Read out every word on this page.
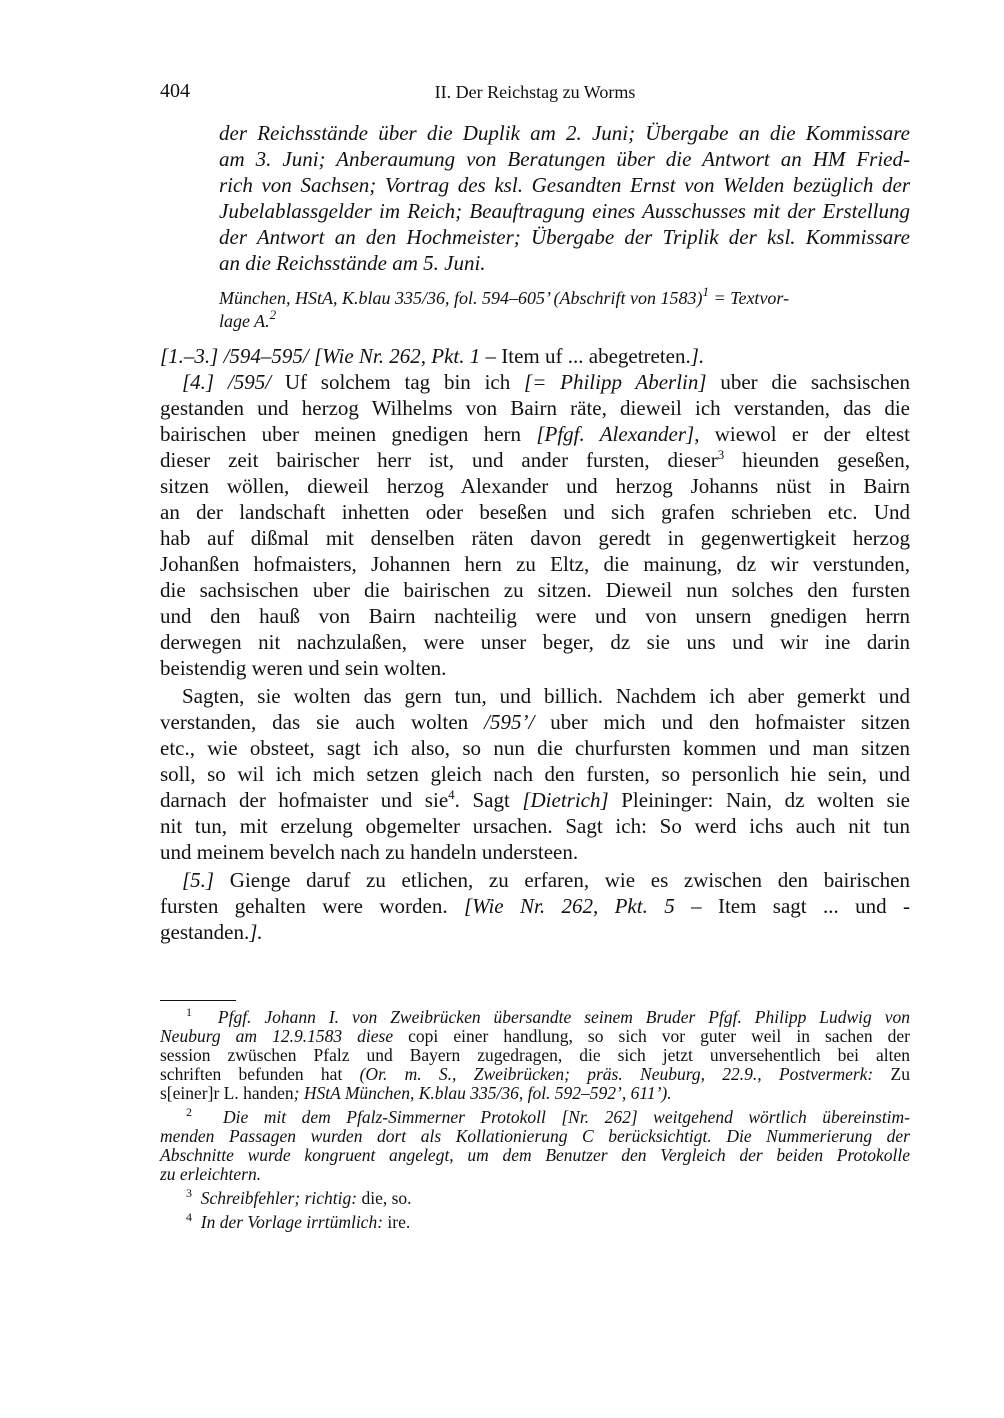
404	II. Der Reichstag zu Worms
der Reichsstände über die Duplik am 2. Juni; Übergabe an die Kommissare
am 3. Juni; Anberaumung von Beratungen über die Antwort an HM Fried-
rich von Sachsen; Vortrag des ksl. Gesandten Ernst von Welden bezüglich der
Jubelablassgelder im Reich; Beauftragung eines Ausschusses mit der Erstellung
der Antwort an den Hochmeister; Übergabe der Triplik der ksl. Kommissare
an die Reichsstände am 5. Juni.
München, HStA, K.blau 335/36, fol. 594–605’ (Abschrift von 1583)$^1$ = Textvor-
lage A.$^2$
[1.–3.] /594–595/ [Wie Nr. 262, Pkt. 1 – Item uf ... abegetreten.].
[4.] /595/ Uf solchem tag bin ich [= Philipp Aberlin] uber die sachsischen
gestanden und herzog Wilhelms von Bairn räte, dieweil ich verstanden, das die
bairischen uber meinen gnedigen hern [Pfgf. Alexander], wiewol er der eltest
dieser zeit bairischer herr ist, und ander fursten, dieser$^3$ hieunden geseßen,
sitzen wöllen, dieweil herzog Alexander und herzog Johanns nüst in Bairn
an der landschaft inhetten oder beseßen und sich grafen schrieben etc. Und
hab auf dißmal mit denselben räten davon geredt in gegenwertigkeit herzog
Johanßen hofmaisters, Johannen hern zu Eltz, die mainung, dz wir verstunden,
die sachsischen uber die bairischen zu sitzen. Dieweil nun solches den fursten
und den hauß von Bairn nachteilig were und von unsern gnedigen herrn
derwegen nit nachzulaßen, were unser beger, dz sie uns und wir ine darin
beistendig weren und sein wolten.
Sagten, sie wolten das gern tun, und billich. Nachdem ich aber gemerkt und
verstanden, das sie auch wolten /595’/ uber mich und den hofmaister sitzen
etc., wie obsteet, sagt ich also, so nun die churfursten kommen und man sitzen
soll, so wil ich mich setzen gleich nach den fursten, so personlich hie sein, und
darnach der hofmaister und sie$^4$. Sagt [Dietrich] Pleininger: Nain, dz wolten sie
nit tun, mit erzelung obgemelter ursachen. Sagt ich: So werd ichs auch nit tun
und meinem bevelch nach zu handeln understeen.
[5.] Gienge daruf zu etlichen, zu erfaren, wie es zwischen den bairischen
fursten gehalten were worden. [Wie Nr. 262, Pkt. 5 – Item sagt ... und -
gestanden.].
$^1$ Pfgf. Johann I. von Zweibrücken übersandte seinem Bruder Pfgf. Philipp Ludwig von
Neuburg am 12.9.1583 diese copi einer handlung, so sich vor guter weil in sachen der
session zwüschen Pfalz und Bayern zugedragen, die sich jetzt unversehentlich bei alten
schriften befunden hat (Or. m. S., Zweibrücken; präs. Neuburg, 22.9., Postvermerk: Zu
s[einer]r L. handen; HStA München, K.blau 335/36, fol. 592–592’, 611’).
$^2$ Die mit dem Pfalz-Simmerner Protokoll [Nr. 262] weitgehend wörtlich übereinstim-
menden Passagen wurden dort als Kollationierung C berücksichtigt. Die Nummerierung der
Abschnitte wurde kongruent angelegt, um dem Benutzer den Vergleich der beiden Protokolle
zu erleichtern.
$^3$ Schreibfehler; richtig: die, so.
$^4$ In der Vorlage irrtümlich: ire.
